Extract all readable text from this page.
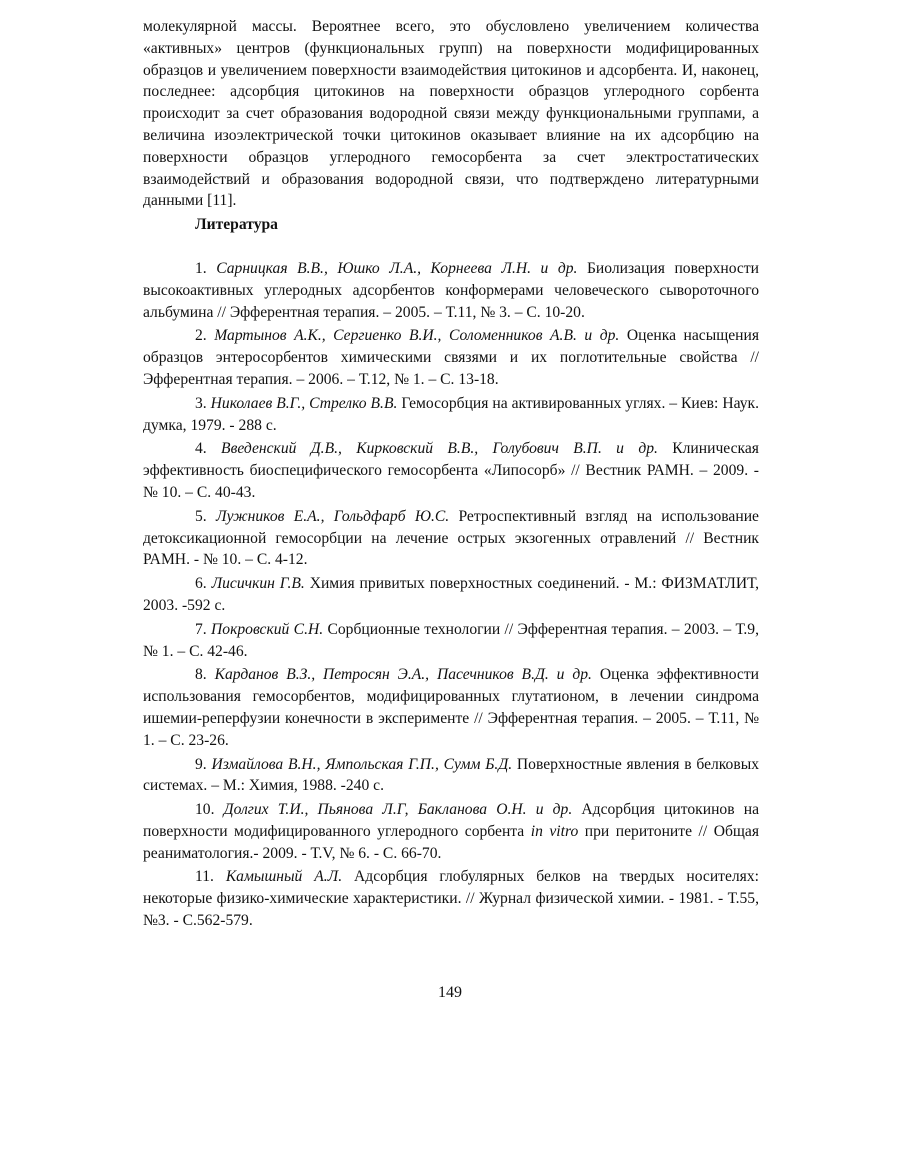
молекулярной массы. Вероятнее всего, это обусловлено увеличением количества «активных» центров (функциональных групп) на поверхности модифицированных образцов и увеличением поверхности взаимодействия цитокинов и адсорбента. И, наконец, последнее: адсорбция цитокинов на поверхности образцов углеродного сорбента происходит за счет образования водородной связи между функциональными группами, а величина изоэлектрической точки цитокинов оказывает влияние на их адсорбцию на поверхности образцов углеродного гемосорбента за счет электростатических взаимодействий и образования водородной связи, что подтверждено литературными данными [11].

Литература

1. Сарницкая В.В., Юшко Л.А., Корнеева Л.Н. и др. Биолизация поверхности высокоактивных углеродных адсорбентов конформерами человеческого сывороточного альбумина // Эфферентная терапия. – 2005. – Т.11, № 3. – С. 10-20.

2. Мартынов А.К., Сергиенко В.И., Соломенников А.В. и др. Оценка насыщения образцов энтеросорбентов химическими связями и их поглотительные свойства // Эфферентная терапия. – 2006. – Т.12, № 1. – С. 13-18.

3. Николаев В.Г., Стрелко В.В. Гемосорбция на активированных углях. – Киев: Наук. думка, 1979. - 288 с.

4. Введенский Д.В., Кирковский В.В., Голубович В.П. и др. Клиническая эффективность биоспецифического гемосорбента «Липосорб» // Вестник РАМН. – 2009. - № 10. – С. 40-43.

5. Лужников Е.А., Гольдфарб Ю.С. Ретроспективный взгляд на использование детоксикационной гемосорбции на лечение острых экзогенных отравлений // Вестник РАМН. - № 10. – С. 4-12.

6. Лисичкин Г.В. Химия привитых поверхностных соединений. - М.: ФИЗМАТЛИТ, 2003. -592 с.

7. Покровский С.Н. Сорбционные технологии // Эфферентная терапия. – 2003. – Т.9, № 1. – С. 42-46.

8. Карданов В.З., Петросян Э.А., Пасечников В.Д. и др. Оценка эффективности использования гемосорбентов, модифицированных глутатионом, в лечении синдрома ишемии-реперфузии конечности в эксперименте // Эфферентная терапия. – 2005. – Т.11, № 1. – С. 23-26.

9. Измайлова В.Н., Ямпольская Г.П., Сумм Б.Д. Поверхностные явления в белковых системах. – М.: Химия, 1988. -240 с.

10. Долгих Т.И., Пьянова Л.Г, Бакланова О.Н. и др. Адсорбция цитокинов на поверхности модифицированного углеродного сорбента in vitro при перитоните // Общая реаниматология.- 2009. - Т.V, № 6. - С. 66-70.

11. Камышный А.Л. Адсорбция глобулярных белков на твердых носителях: некоторые физико-химические характеристики. // Журнал физической химии. - 1981. - Т.55, №3. - С.562-579.

149
